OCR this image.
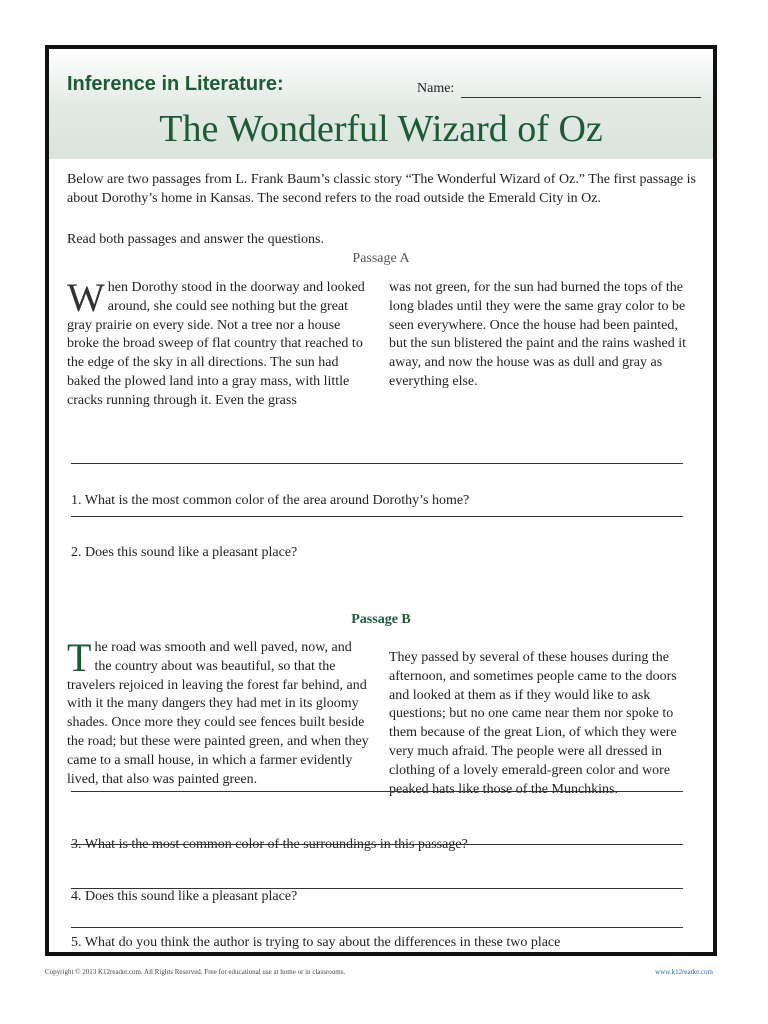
Inference in Literature:	Name:
The Wonderful Wizard of Oz
Below are two passages from L. Frank Baum’s classic story “The Wonderful Wizard of Oz.” The first passage is about Dorothy’s home in Kansas. The second refers to the road outside the Emerald City in Oz.
Read both passages and answer the questions.
Passage A
When Dorothy stood in the doorway and looked around, she could see nothing but the great gray prairie on every side. Not a tree nor a house broke the broad sweep of flat country that reached to the edge of the sky in all directions. The sun had baked the plowed land into a gray mass, with little cracks running through it. Even the grass
was not green, for the sun had burned the tops of the long blades until they were the same gray color to be seen everywhere. Once the house had been painted, but the sun blistered the paint and the rains washed it away, and now the house was as dull and gray as everything else.
1. What is the most common color of the area around Dorothy’s home?
2. Does this sound like a pleasant place?
Passage B
The road was smooth and well paved, now, and the country about was beautiful, so that the travelers rejoiced in leaving the forest far behind, and with it the many dangers they had met in its gloomy shades. Once more they could see fences built beside the road; but these were painted green, and when they came to a small house, in which a farmer evidently lived, that also was painted green.
They passed by several of these houses during the afternoon, and sometimes people came to the doors and looked at them as if they would like to ask questions; but no one came near them nor spoke to them because of the great Lion, of which they were very much afraid. The people were all dressed in clothing of a lovely emerald-green color and wore peaked hats like those of the Munchkins.
3. What is the most common color of the surroundings in this passage?
4. Does this sound like a pleasant place?
5. What do you think the author is trying to say about the differences in these two place
Copyright © 2013 K12reader.com. All Rights Reserved. Free for educational use at home or in classrooms.	www.k12reader.com
